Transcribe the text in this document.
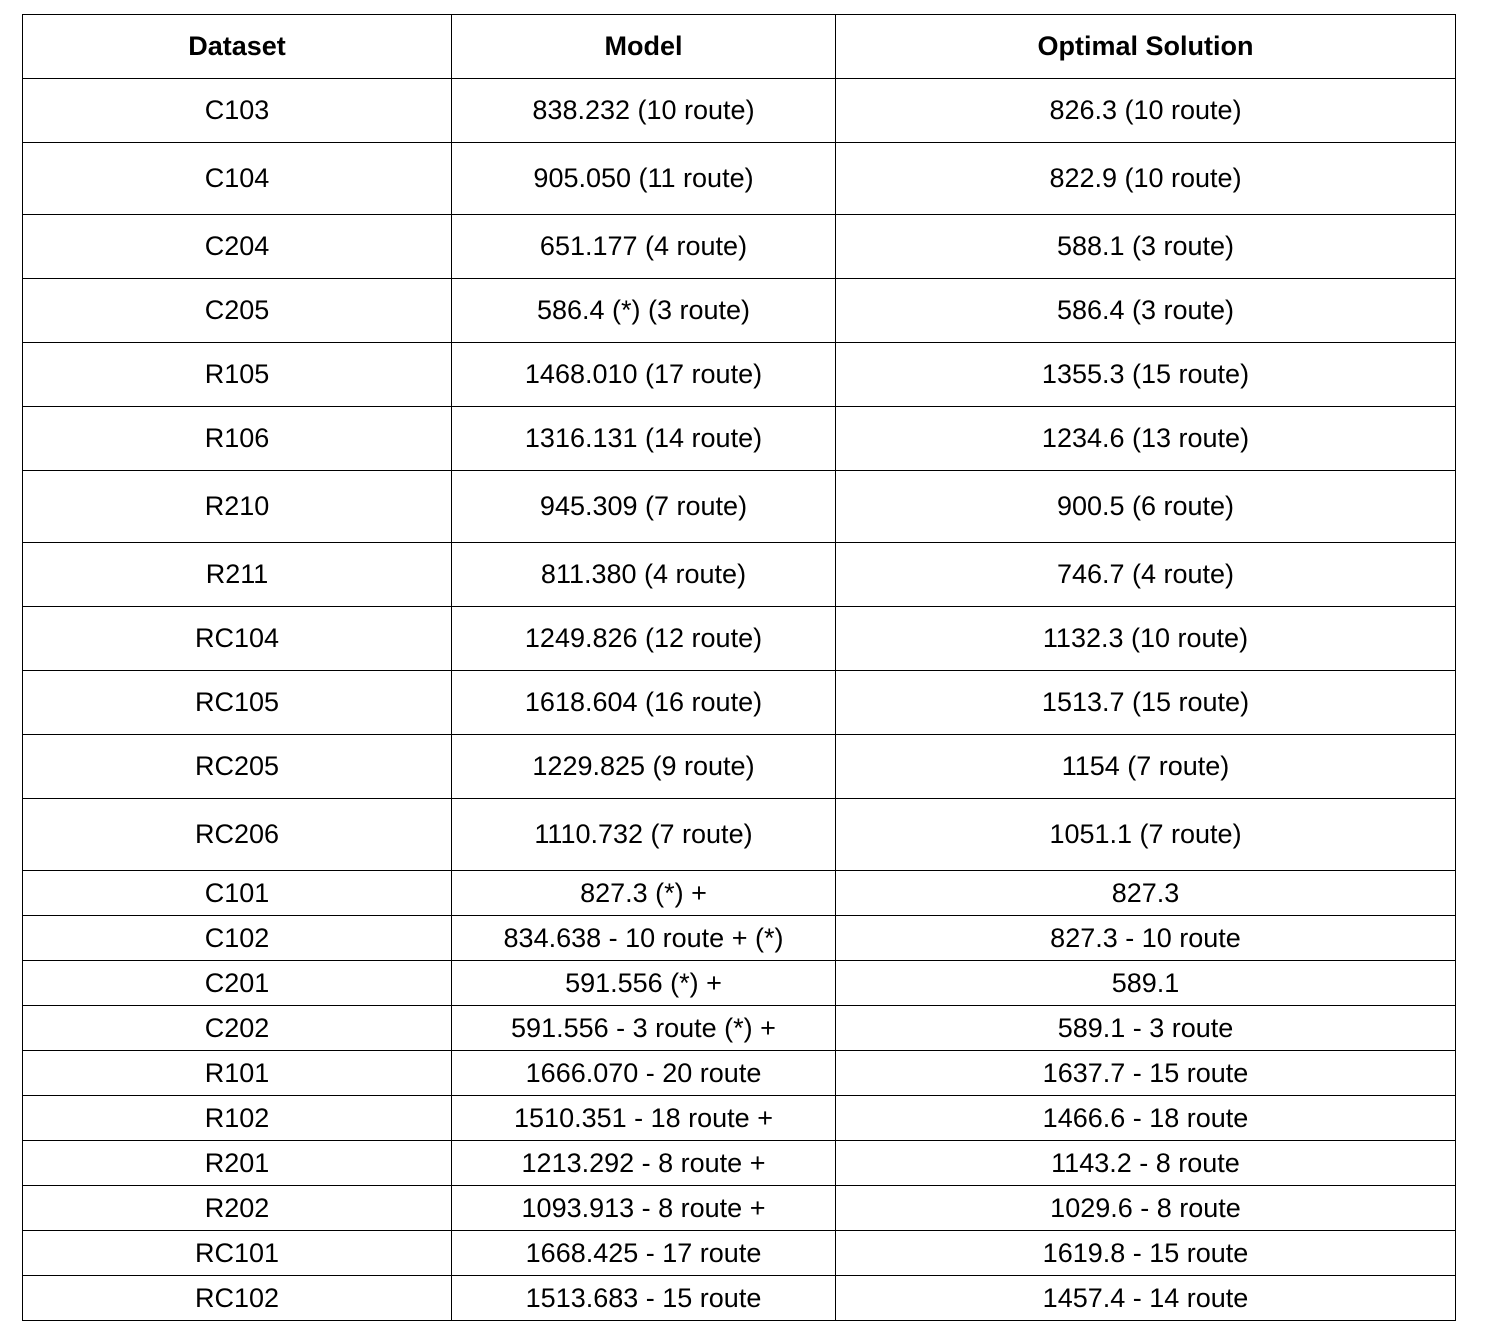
Dataset	Model	Optimal Solution
C103	838.232 (10 route)	826.3 (10 route)
C104	905.050 (11 route)	822.9 (10 route)
C204	651.177 (4 route)	588.1 (3 route)
C205	586.4 (*) (3 route)	586.4 (3 route)
R105	1468.010 (17 route)	1355.3 (15 route)
R106	1316.131 (14 route)	1234.6 (13 route)
R210	945.309 (7 route)	900.5 (6 route)
R211	811.380 (4 route)	746.7 (4 route)
RC104	1249.826 (12 route)	1132.3 (10 route)
RC105	1618.604 (16 route)	1513.7 (15 route)
RC205	1229.825 (9 route)	1154 (7 route)
RC206	1110.732 (7 route)	1051.1 (7 route)
C101	827.3 (*) +	827.3
C102	834.638 - 10 route + (*)	827.3 - 10 route
C201	591.556 (*) +	589.1
C202	591.556 - 3 route (*) +	589.1 - 3 route
R101	1666.070 - 20 route	1637.7 - 15 route
R102	1510.351 - 18 route +	1466.6 - 18 route
R201	1213.292 - 8 route +	1143.2 - 8 route
R202	1093.913 - 8 route +	1029.6 - 8 route
RC101	1668.425 - 17 route	1619.8 - 15 route
RC102	1513.683 - 15 route	1457.4 - 14 route
